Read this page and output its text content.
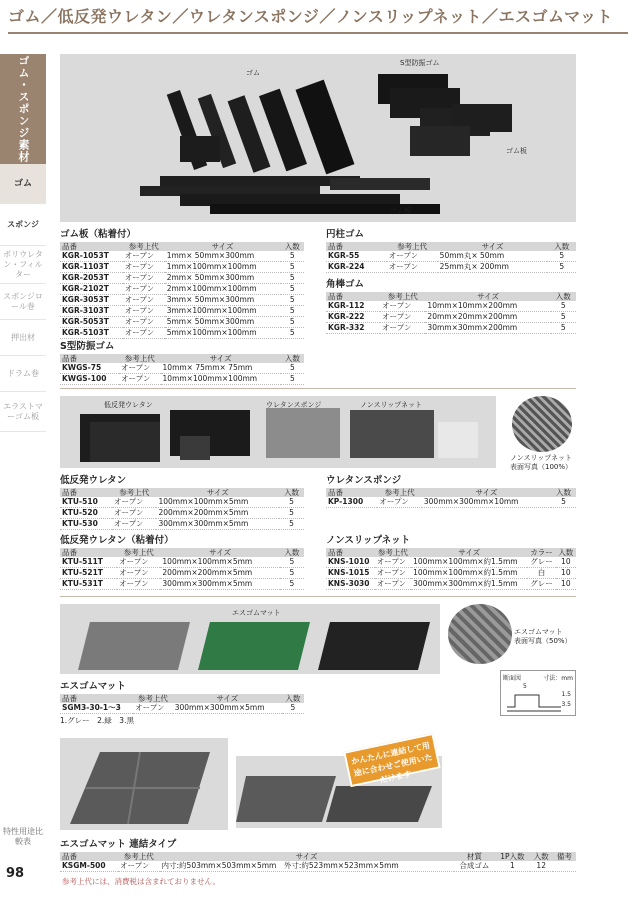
ゴム／低反発ウレタン／ウレタンスポンジ／ノンスリップネット／エスゴムマット
ゴム・スポンジ素材
ゴム
スポンジ
ポリウレタン・フィルター
スポンジロール巻
押出材
ドラム巻
エラストマーゴム板
特性用途比較表
98
ゴム
S型防振ゴム
ゴム板
ゴム板
ゴム板（粘着付）
品番	参考上代	サイズ	入数
KGR-1053T	オープン	1mm× 50mm×300mm	5
KGR-1103T	オープン	1mm×100mm×100mm	5
KGR-2053T	オープン	2mm× 50mm×300mm	5
KGR-2102T	オープン	2mm×100mm×100mm	5
KGR-3053T	オープン	3mm× 50mm×300mm	5
KGR-3103T	オープン	3mm×100mm×100mm	5
KGR-5053T	オープン	5mm× 50mm×300mm	5
KGR-5103T	オープン	5mm×100mm×100mm	5
S型防振ゴム
品番	参考上代	サイズ	入数
KWGS-75	オープン	10mm× 75mm× 75mm	5
KWGS-100	オープン	10mm×100mm×100mm	5
円柱ゴム
品番	参考上代	サイズ	入数
KGR-55	オープン	50mm丸× 50mm	5
KGR-224	オープン	25mm丸× 200mm	5
角棒ゴム
品番	参考上代	サイズ	入数
KGR-112	オープン	10mm×10mm×200mm	5
KGR-222	オープン	20mm×20mm×200mm	5
KGR-332	オープン	30mm×30mm×200mm	5
低反発ウレタン	ウレタンスポンジ	ノンスリップネット
ノンスリップネット
表面写真（100%）
低反発ウレタン
品番	参考上代	サイズ	入数
KTU-510	オープン	100mm×100mm×5mm	5
KTU-520	オープン	200mm×200mm×5mm	5
KTU-530	オープン	300mm×300mm×5mm	5
低反発ウレタン（粘着付）
品番	参考上代	サイズ	入数
KTU-511T	オープン	100mm×100mm×5mm	5
KTU-521T	オープン	200mm×200mm×5mm	5
KTU-531T	オープン	300mm×300mm×5mm	5
ウレタンスポンジ
品番	参考上代	サイズ	入数
KP-1300	オープン	300mm×300mm×10mm	5
ノンスリップネット
品番	参考上代	サイズ	カラー	入数
KNS-1010	オープン	100mm×100mm×約1.5mm	グレー	10
KNS-1015	オープン	100mm×100mm×約1.5mm	白	10
KNS-3030	オープン	300mm×300mm×約1.5mm	グレー	10
エスゴムマット
エスゴムマット
表面写真（50%）
断面図	寸法：mm
5
1.5
3.5
エスゴムマット
品番	参考上代	サイズ	入数
SGM3-30-1～3	オープン	300mm×300mm×5mm	5
1.グレー　2.緑　3.黒
かんたんに連結して用途に合わせご使用いただけます
エスゴムマット 連結タイプ
品番	参考上代	サイズ	材質	1P入数	入数	備考
KSGM-500	オープン	内寸:約503mm×503mm×5mm　外寸:約523mm×523mm×5mm	合成ゴム	1	12	
参考上代には、消費税は含まれておりません。
